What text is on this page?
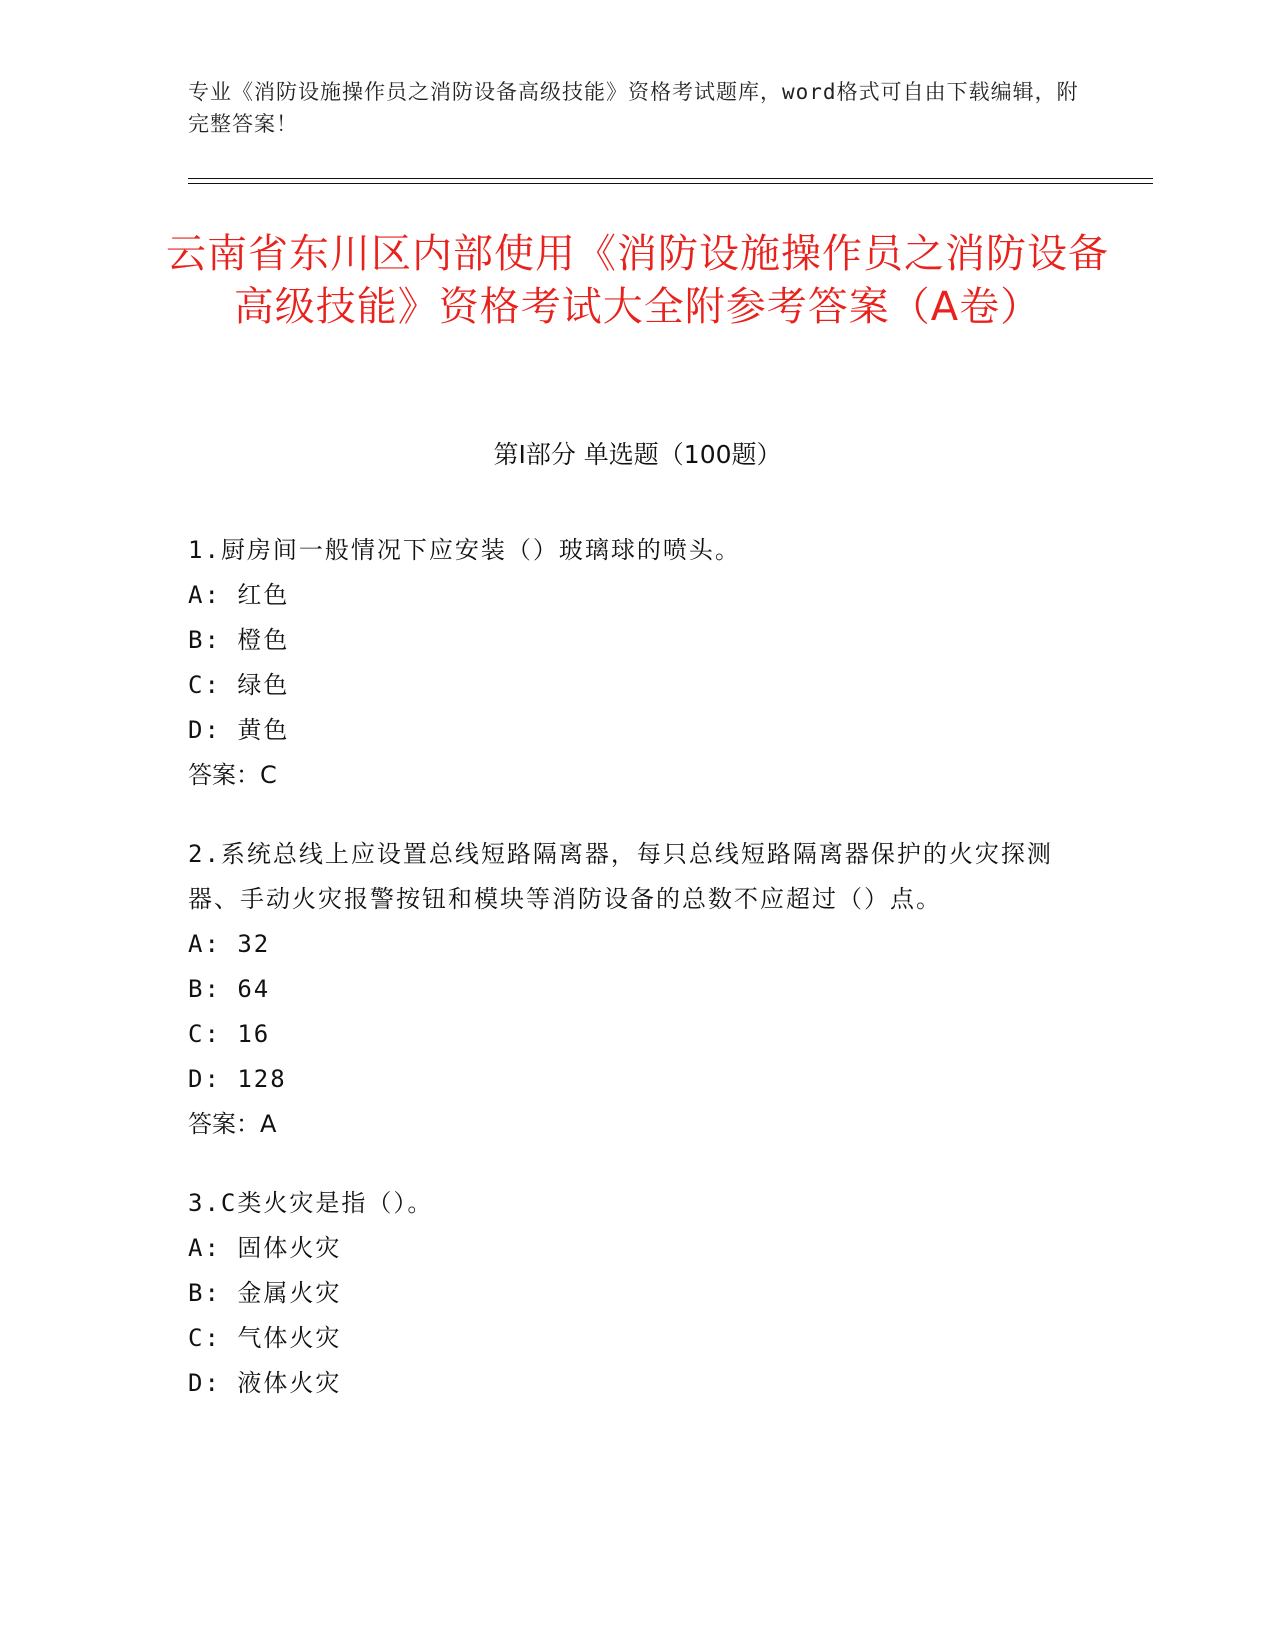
专业《消防设施操作员之消防设备高级技能》资格考试题库，word格式可自由下载编辑，附完整答案！
云南省东川区内部使用《消防设施操作员之消防设备高级技能》资格考试大全附参考答案（A卷）
第Ⅰ部分 单选题（100题）
1.厨房间一般情况下应安装（）玻璃球的喷头。
A: 红色
B: 橙色
C: 绿色
D: 黄色
答案：C
2.系统总线上应设置总线短路隔离器，每只总线短路隔离器保护的火灾探测器、手动火灾报警按钮和模块等消防设备的总数不应超过（）点。
A: 32
B: 64
C: 16
D: 128
答案：A
3.C类火灾是指（）。
A: 固体火灾
B: 金属火灾
C: 气体火灾
D: 液体火灾
